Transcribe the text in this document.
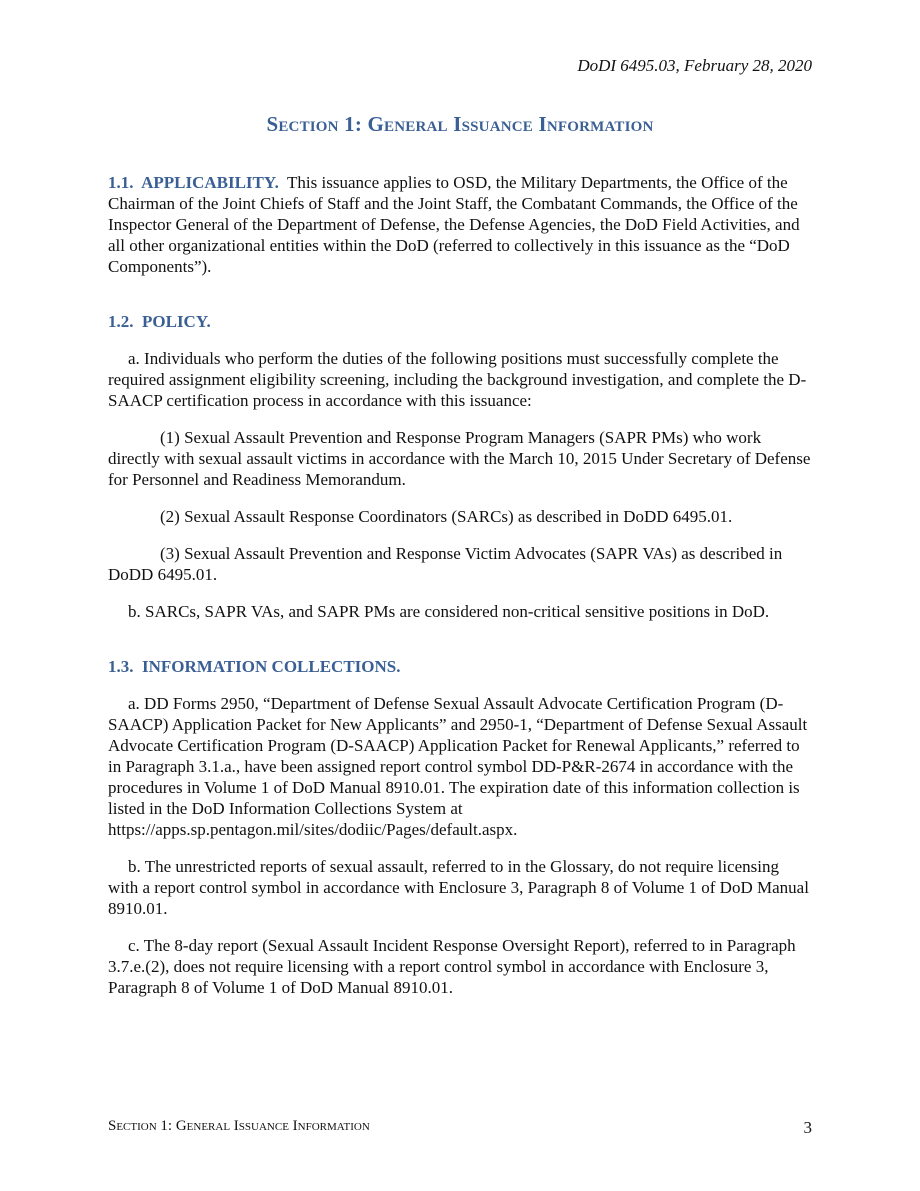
DoDI 6495.03, February 28, 2020
Section 1: General Issuance Information

1.1. APPLICABILITY. This issuance applies to OSD, the Military Departments, the Office of the Chairman of the Joint Chiefs of Staff and the Joint Staff, the Combatant Commands, the Office of the Inspector General of the Department of Defense, the Defense Agencies, the DoD Field Activities, and all other organizational entities within the DoD (referred to collectively in this issuance as the “DoD Components”).

1.2. POLICY.

a. Individuals who perform the duties of the following positions must successfully complete the required assignment eligibility screening, including the background investigation, and complete the D-SAACP certification process in accordance with this issuance:

(1) Sexual Assault Prevention and Response Program Managers (SAPR PMs) who work directly with sexual assault victims in accordance with the March 10, 2015 Under Secretary of Defense for Personnel and Readiness Memorandum.

(2) Sexual Assault Response Coordinators (SARCs) as described in DoDD 6495.01.

(3) Sexual Assault Prevention and Response Victim Advocates (SAPR VAs) as described in DoDD 6495.01.

b. SARCs, SAPR VAs, and SAPR PMs are considered non-critical sensitive positions in DoD.

1.3. INFORMATION COLLECTIONS.

a. DD Forms 2950, “Department of Defense Sexual Assault Advocate Certification Program (D-SAACP) Application Packet for New Applicants” and 2950-1, “Department of Defense Sexual Assault Advocate Certification Program (D-SAACP) Application Packet for Renewal Applicants,” referred to in Paragraph 3.1.a., have been assigned report control symbol DD-P&R-2674 in accordance with the procedures in Volume 1 of DoD Manual 8910.01. The expiration date of this information collection is listed in the DoD Information Collections System at https://apps.sp.pentagon.mil/sites/dodiic/Pages/default.aspx.

b. The unrestricted reports of sexual assault, referred to in the Glossary, do not require licensing with a report control symbol in accordance with Enclosure 3, Paragraph 8 of Volume 1 of DoD Manual 8910.01.

c. The 8-day report (Sexual Assault Incident Response Oversight Report), referred to in Paragraph 3.7.e.(2), does not require licensing with a report control symbol in accordance with Enclosure 3, Paragraph 8 of Volume 1 of DoD Manual 8910.01.

Section 1: General Issuance Information	3
